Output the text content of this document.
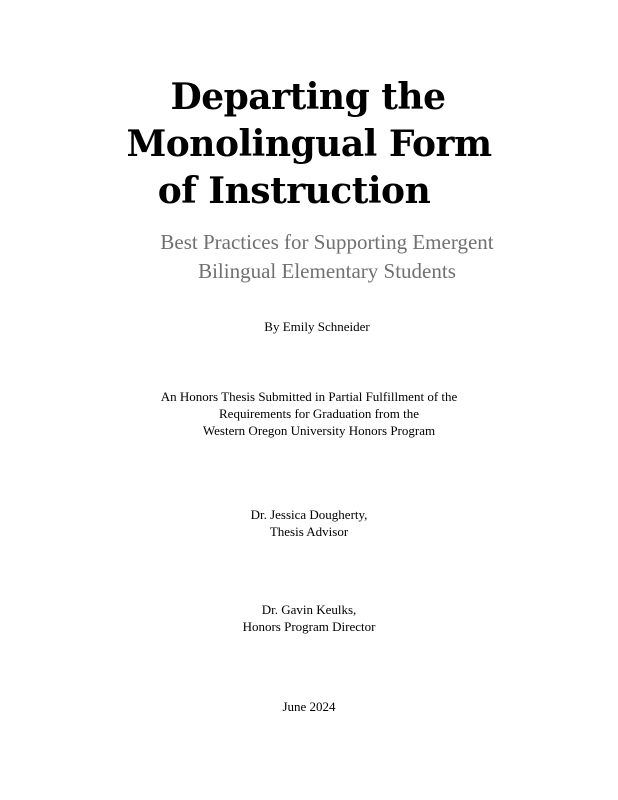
Departing the
Monolingual Form
of Instruction
Best Practices for Supporting Emergent
Bilingual Elementary Students
By Emily Schneider
An Honors Thesis Submitted in Partial Fulfillment of the
Requirements for Graduation from the
Western Oregon University Honors Program
Dr. Jessica Dougherty,
Thesis Advisor
Dr. Gavin Keulks,
Honors Program Director
June 2024
